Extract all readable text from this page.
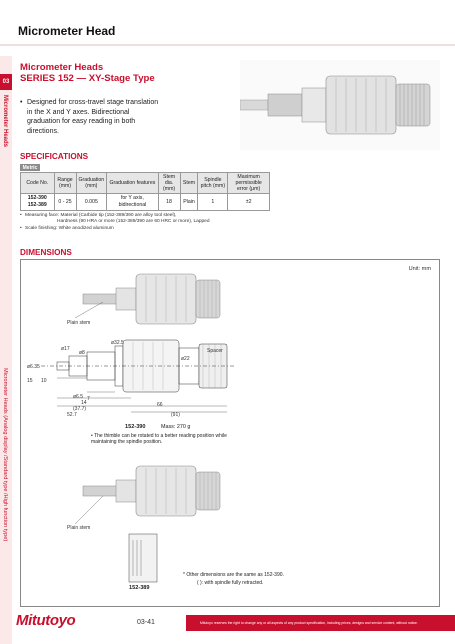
Micrometer Head
03
Micrometer Heads
Micrometer Heads (Analog display /Standard type /High function type)
Micrometer Heads
SERIES 152 — XY-Stage Type
• Designed for cross-travel stage translation in the X and Y axes. Bidirectional graduation for easy reading in both directions.
SPECIFICATIONS
Metric
Code No.	Range (mm)	Graduation (mm)	Graduation features	Stem dia. (mm)	Stem	Spindle pitch (mm)	Maximum permissible error (μm)

152-390
152-389	0 - 25	0.005	for Y axis, bidirectional	18	Plain	1	±2

• Measuring face: Material (Carbide tip (152-389/390 are alloy tool steel),

Hardness (90 HRA or more (152-389/390 are 60 HRC or more), Lapped

• Scale finishing: White anodized aluminum

DIMENSIONS
Unit: mm
Plain stem
ø6.35
ø17
ø8
ø32.5
ø22
Spacer
15 10
ø6.5 7
14
(37.7)
66
52.7	(91)
152-390	Mass: 270 g
• The thimble can be rotated to a better reading position while maintaining the spindle position.
Plain stem
152-389
* Other dimensions are the same as 152-390.
( ): with spindle fully retracted.
Mitutoyo	03-41	Mitutoyo reserves the right to change any or all aspects of any product specification, including prices, designs and service content, without notice.
